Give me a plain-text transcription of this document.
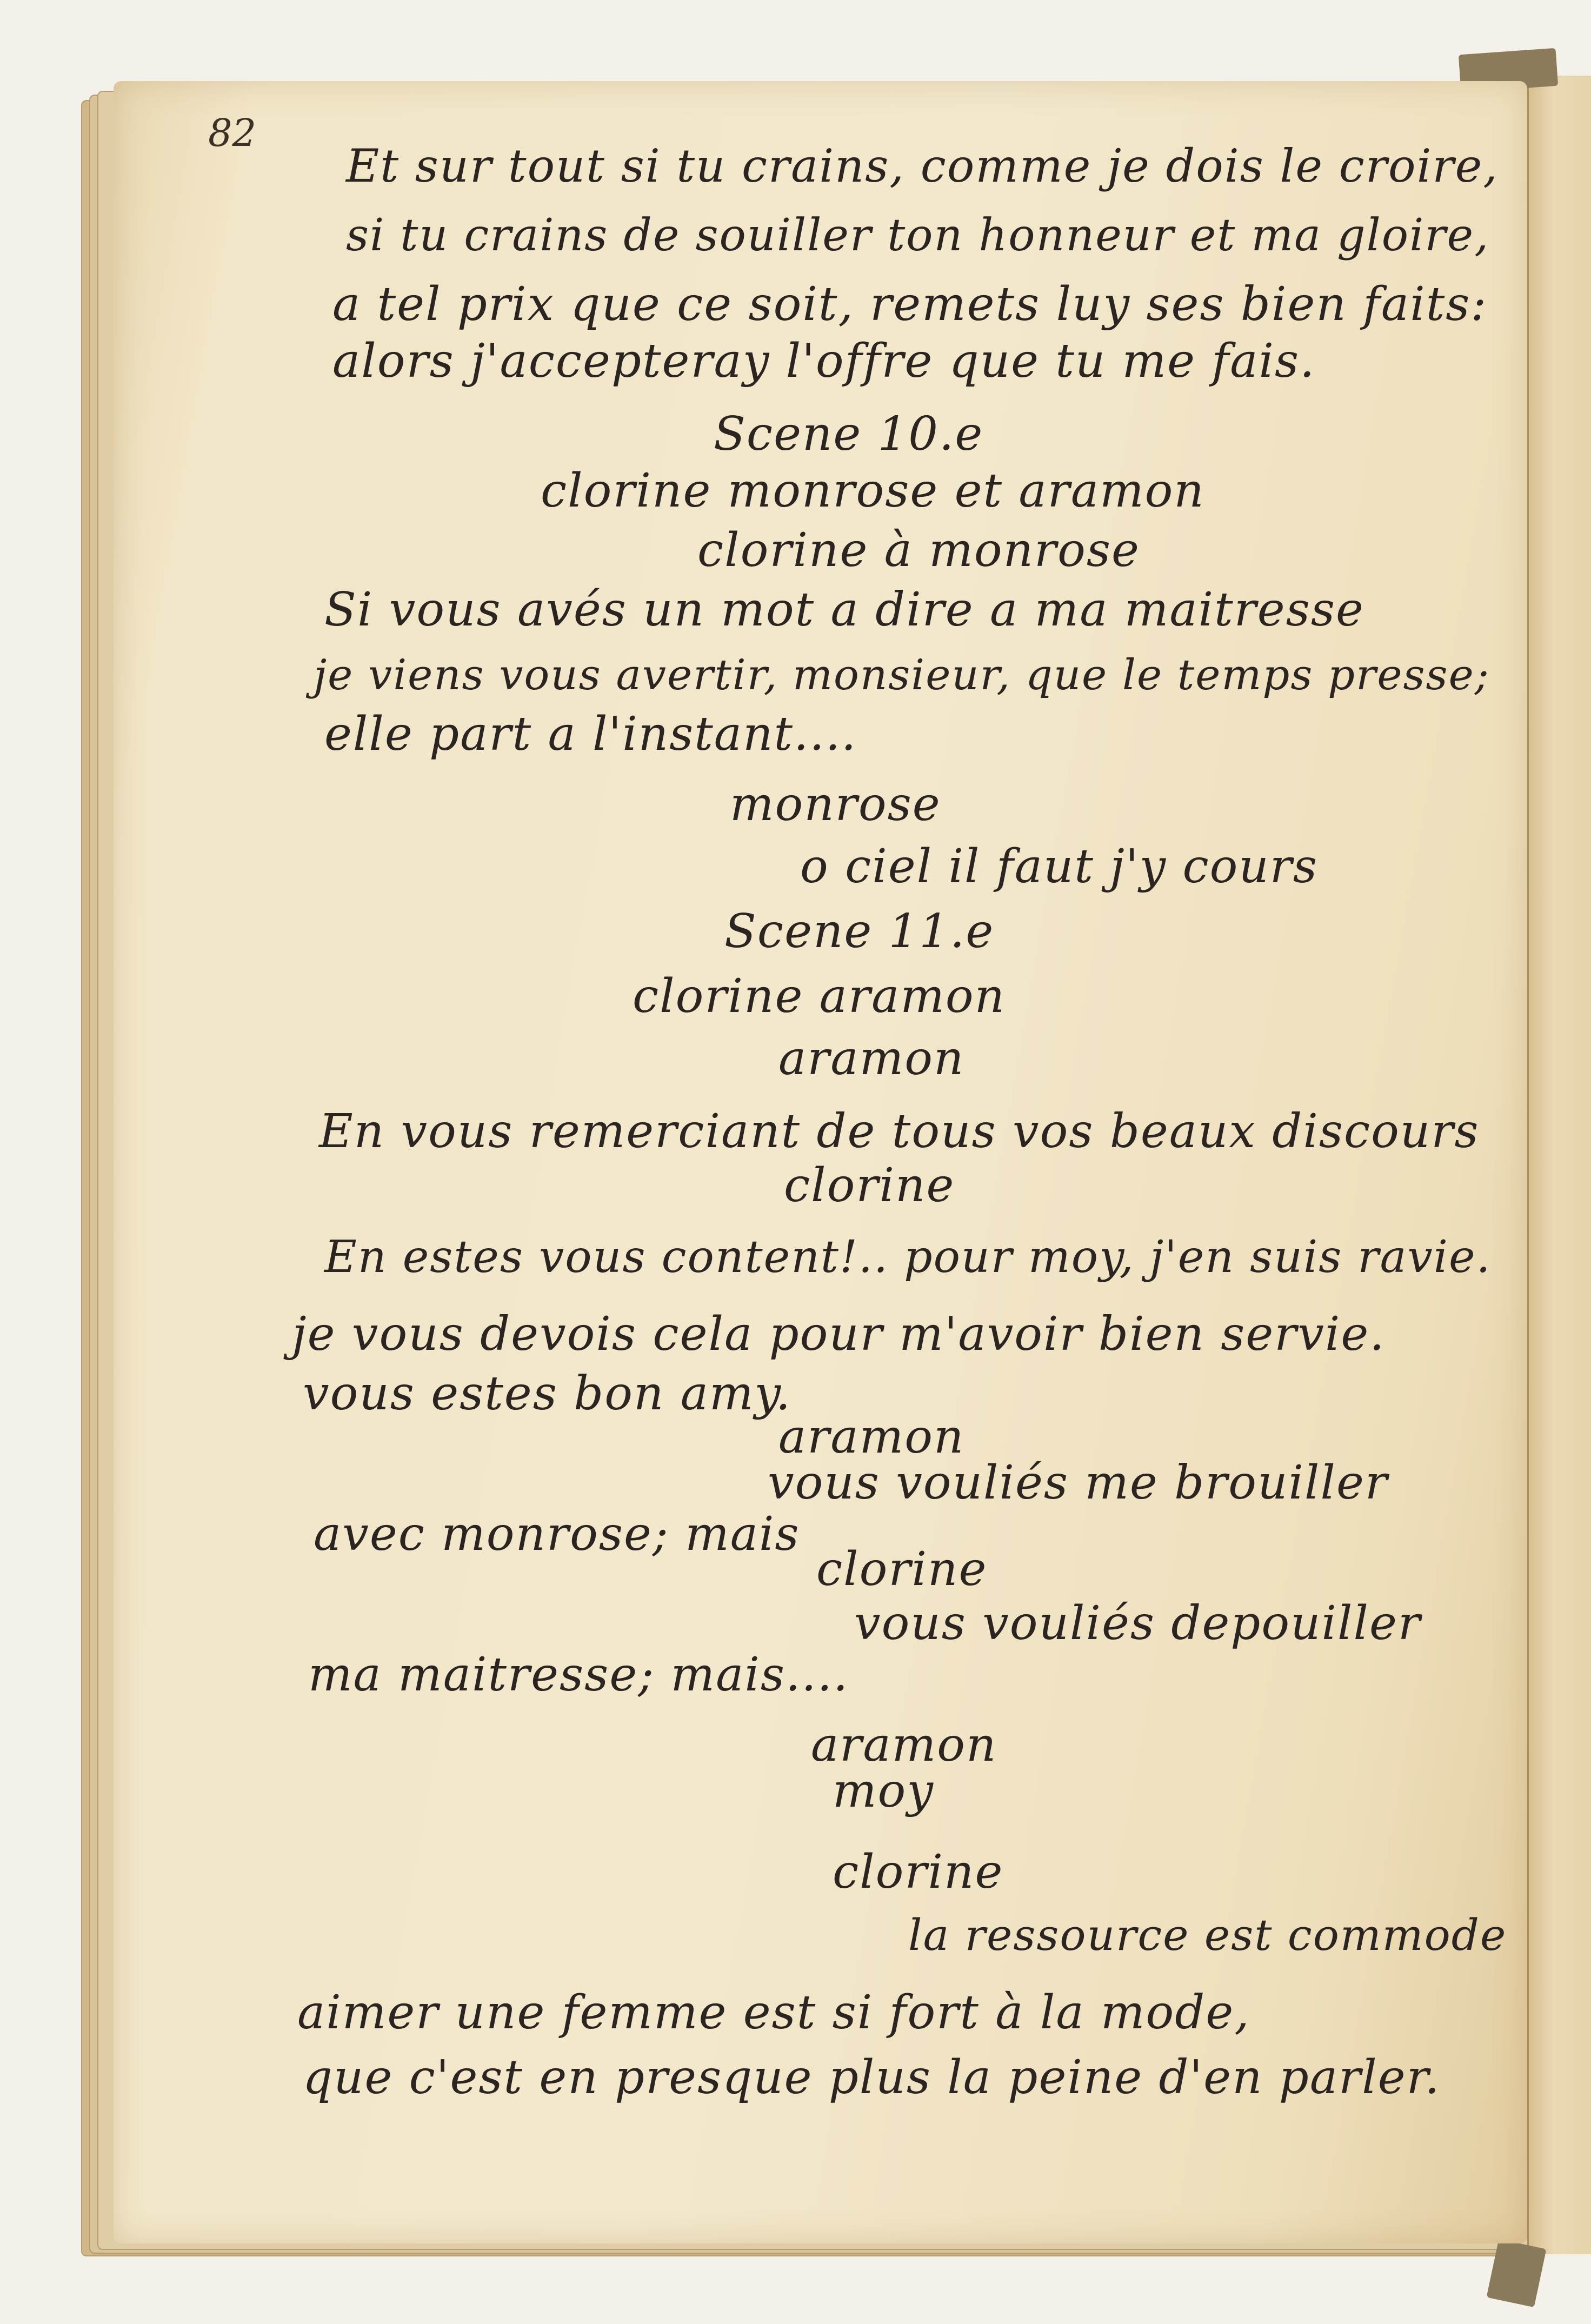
82
Et sur tout si tu crains, comme je dois le croire,
si tu crains de souiller ton honneur et ma gloire,
a tel prix que ce soit, remets luy ses bien faits:
alors j'accepteray l'offre que tu me fais.
Scene 10.e
clorine monrose et aramon
clorine à monrose
Si vous avés un mot a dire a ma maitresse
je viens vous avertir, monsieur, que le temps presse;
elle part a l'instant....
monrose
o ciel il faut j'y cours
Scene 11.e
clorine aramon
aramon
En vous remerciant de tous vos beaux discours
clorine
En estes vous content!.. pour moy, j'en suis ravie.
je vous devois cela pour m'avoir bien servie.
vous estes bon amy.
aramon
vous vouliés me brouiller
avec monrose; mais
clorine
vous vouliés depouiller
ma maitresse; mais....
aramon
moy
clorine
la ressource est commode
aimer une femme est si fort à la mode,
que c'est en presque plus la peine d'en parler.
